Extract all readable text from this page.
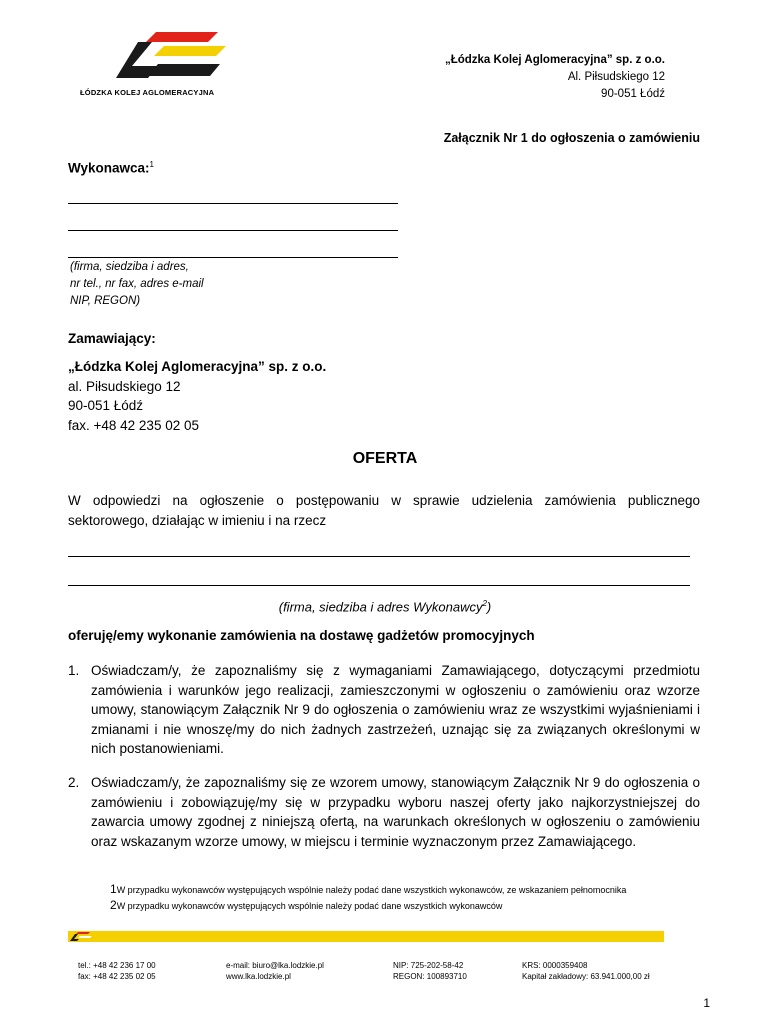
ŁÓDZKA KOLEJ AGLOMERACYJNA
„Łódzka Kolej Aglomeracyjna” sp. z o.o.
Al. Piłsudskiego 12
90-051 Łódź
Załącznik Nr 1 do ogłoszenia o zamówieniu
Wykonawca:$^1$
(firma, siedziba i adres,
nr tel., nr fax, adres e-mail
NIP, REGON)
Zamawiający:
„Łódzka Kolej Aglomeracyjna” sp. z o.o.
al. Piłsudskiego 12
90-051 Łódź
fax. +48 42 235 02 05
OFERTA
W odpowiedzi na ogłoszenie o postępowaniu w sprawie udzielenia zamówienia publicznego sektorowego, działając w imieniu i na rzecz
(firma, siedziba i adres Wykonawcy$^2$)
oferuję/emy wykonanie zamówienia na dostawę gadżetów promocyjnych
1. Oświadczam/y, że zapoznaliśmy się z wymaganiami Zamawiającego, dotyczącymi przedmiotu zamówienia i warunków jego realizacji, zamieszczonymi w ogłoszeniu o zamówieniu oraz wzorze umowy, stanowiącym Załącznik Nr 9 do ogłoszenia o zamówieniu wraz ze wszystkimi wyjaśnieniami i zmianami i nie wnoszę/my do nich żadnych zastrzeżeń, uznając się za związanych określonymi w nich postanowieniami.
2. Oświadczam/y, że zapoznaliśmy się ze wzorem umowy, stanowiącym Załącznik Nr 9 do ogłoszenia o zamówieniu i zobowiązuję/my się w przypadku wyboru naszej oferty jako najkorzystniejszej do zawarcia umowy zgodnej z niniejszą ofertą, na warunkach określonych w ogłoszeniu o zamówieniu oraz wskazanym wzorze umowy, w miejscu i terminie wyznaczonym przez Zamawiającego.
1W przypadku wykonawców występujących wspólnie należy podać dane wszystkich wykonawców, ze wskazaniem pełnomocnika
2W przypadku wykonawców występujących wspólnie należy podać dane wszystkich wykonawców
tel.: +48 42 236 17 00
fax: +48 42 235 02 05
e-mail: biuro@lka.lodzkie.pl
www.lka.lodzkie.pl
NIP: 725-202-58-42
REGON: 100893710
KRS: 0000359408
Kapitał zakładowy: 63.941.000,00 zł
1
